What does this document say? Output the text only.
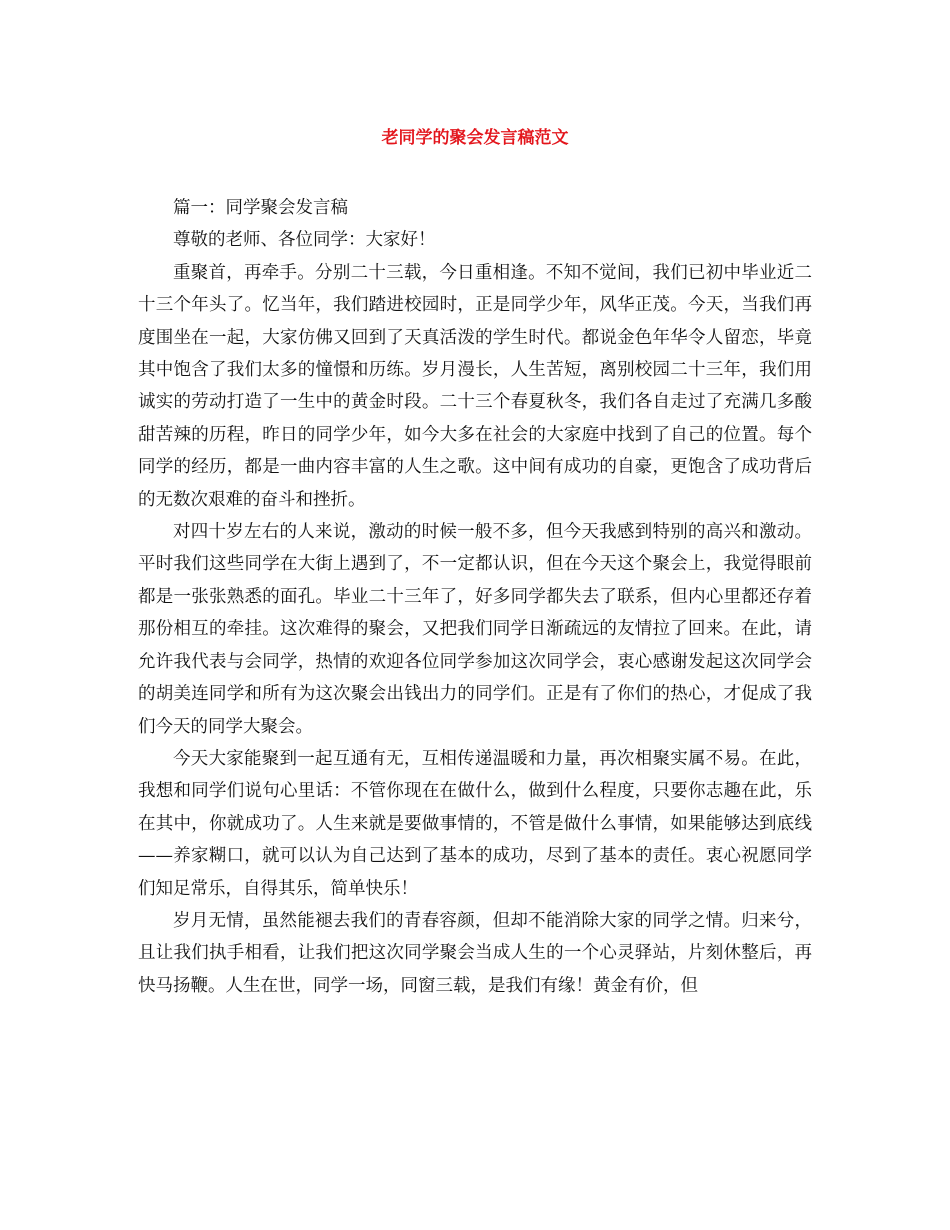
老同学的聚会发言稿范文

篇一：同学聚会发言稿

尊敬的老师、各位同学：大家好！

重聚首，再牵手。分别二十三载，今日重相逢。不知不觉间，我们已初中毕业近二十三个年头了。忆当年，我们踏进校园时，正是同学少年，风华正茂。今天，当我们再度围坐在一起，大家仿佛又回到了天真活泼的学生时代。都说金色年华令人留恋，毕竟其中饱含了我们太多的憧憬和历练。岁月漫长，人生苦短，离别校园二十三年，我们用诚实的劳动打造了一生中的黄金时段。二十三个春夏秋冬，我们各自走过了充满几多酸甜苦辣的历程，昨日的同学少年，如今大多在社会的大家庭中找到了自己的位置。每个同学的经历，都是一曲内容丰富的人生之歌。这中间有成功的自豪，更饱含了成功背后的无数次艰难的奋斗和挫折。

对四十岁左右的人来说，激动的时候一般不多，但今天我感到特别的高兴和激动。平时我们这些同学在大街上遇到了，不一定都认识，但在今天这个聚会上，我觉得眼前都是一张张熟悉的面孔。毕业二十三年了，好多同学都失去了联系，但内心里都还存着那份相互的牵挂。这次难得的聚会，又把我们同学日渐疏远的友情拉了回来。在此，请允许我代表与会同学，热情的欢迎各位同学参加这次同学会，衷心感谢发起这次同学会的胡美连同学和所有为这次聚会出钱出力的同学们。正是有了你们的热心，才促成了我们今天的同学大聚会。

今天大家能聚到一起互通有无，互相传递温暖和力量，再次相聚实属不易。在此，我想和同学们说句心里话：不管你现在在做什么，做到什么程度，只要你志趣在此，乐在其中，你就成功了。人生来就是要做事情的，不管是做什么事情，如果能够达到底线——养家糊口，就可以认为自己达到了基本的成功，尽到了基本的责任。衷心祝愿同学们知足常乐，自得其乐，简单快乐！

岁月无情，虽然能褪去我们的青春容颜，但却不能消除大家的同学之情。归来兮，且让我们执手相看，让我们把这次同学聚会当成人生的一个心灵驿站，片刻休整后，再快马扬鞭。人生在世，同学一场，同窗三载，是我们有缘！黄金有价，但
